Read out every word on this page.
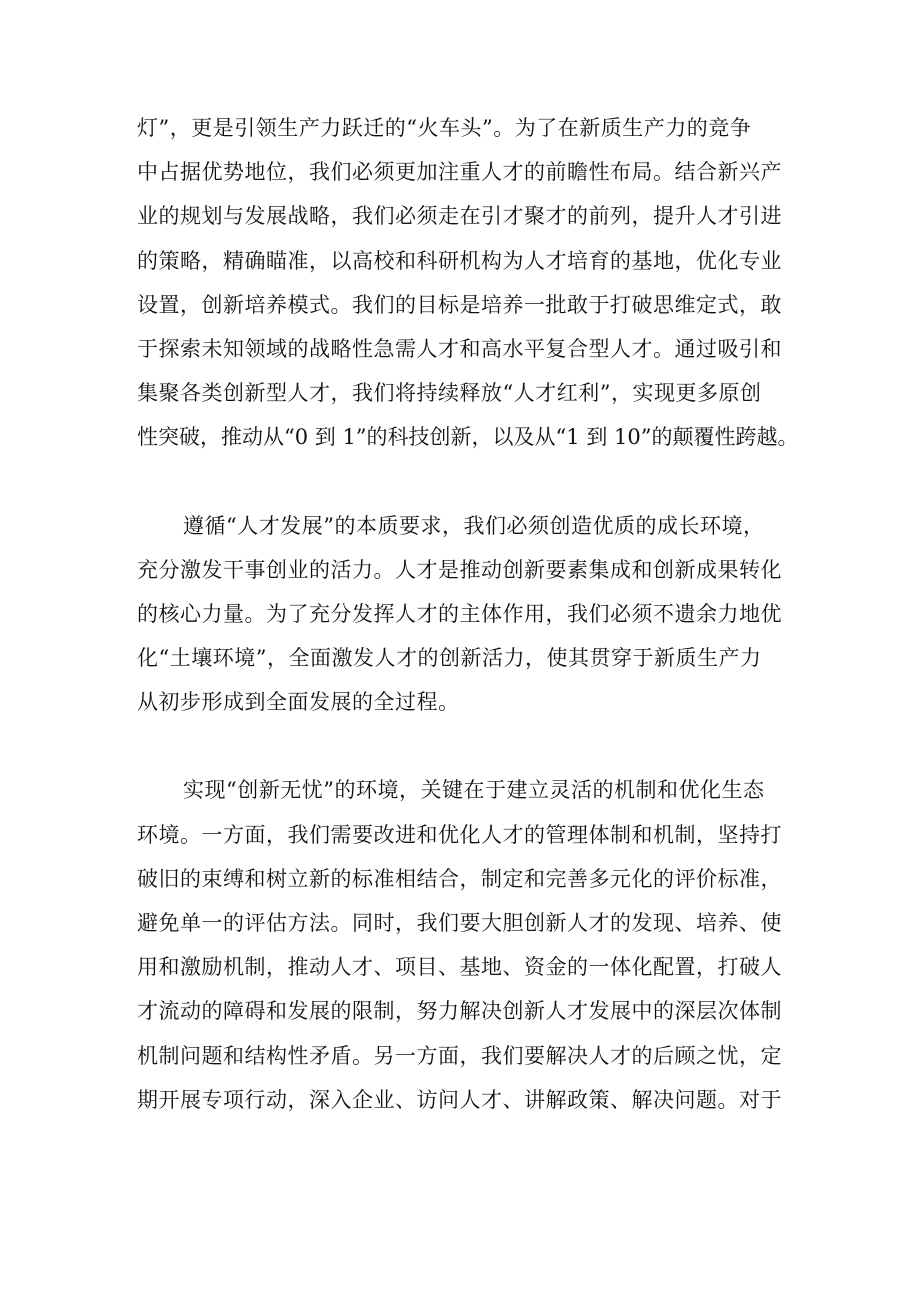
灯”，更是引领生产力跃迁的“火车头”。为了在新质生产力的竞争
中占据优势地位，我们必须更加注重人才的前瞻性布局。结合新兴产
业的规划与发展战略，我们必须走在引才聚才的前列，提升人才引进
的策略，精确瞄准，以高校和科研机构为人才培育的基地，优化专业
设置，创新培养模式。我们的目标是培养一批敢于打破思维定式，敢
于探索未知领域的战略性急需人才和高水平复合型人才。通过吸引和
集聚各类创新型人才，我们将持续释放“人才红利”，实现更多原创
性突破，推动从“0 到 1”的科技创新，以及从“1 到 10”的颠覆性跨越。

遵循“人才发展”的本质要求，我们必须创造优质的成长环境，
充分激发干事创业的活力。人才是推动创新要素集成和创新成果转化
的核心力量。为了充分发挥人才的主体作用，我们必须不遗余力地优
化“土壤环境”，全面激发人才的创新活力，使其贯穿于新质生产力
从初步形成到全面发展的全过程。

实现“创新无忧”的环境，关键在于建立灵活的机制和优化生态
环境。一方面，我们需要改进和优化人才的管理体制和机制，坚持打
破旧的束缚和树立新的标准相结合，制定和完善多元化的评价标准，
避免单一的评估方法。同时，我们要大胆创新人才的发现、培养、使
用和激励机制，推动人才、项目、基地、资金的一体化配置，打破人
才流动的障碍和发展的限制，努力解决创新人才发展中的深层次体制
机制问题和结构性矛盾。另一方面，我们要解决人才的后顾之忧，定
期开展专项行动，深入企业、访问人才、讲解政策、解决问题。对于
